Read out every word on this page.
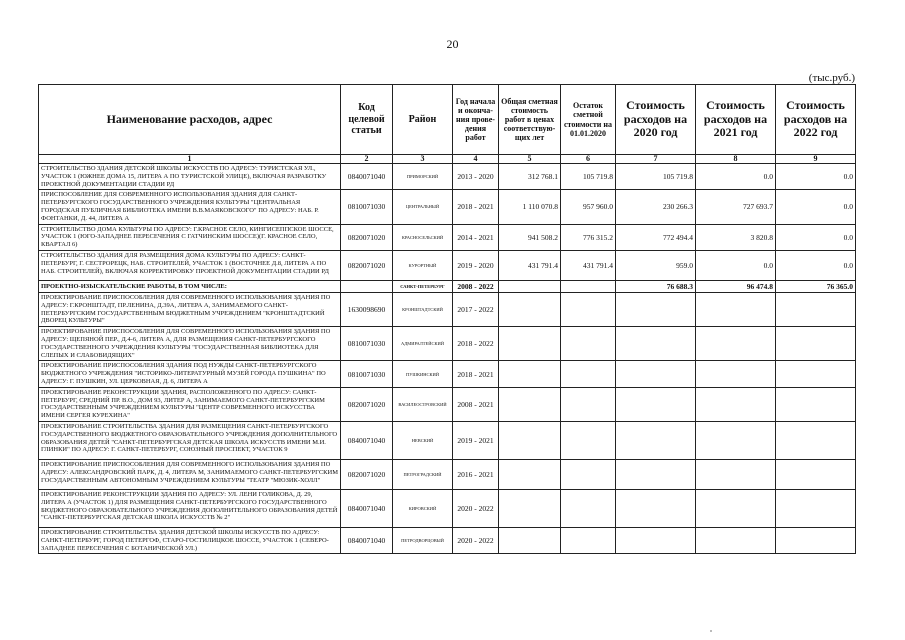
20
(тыс.руб.)
Наименование расходов, адрес	Код целевой статьи	Район	Год начала и оконча-ния прове-дения работ	Общая сметная стоимость работ в ценах соответствую-щих лет	Остаток сметной стоимости на 01.01.2020	Стоимость расходов на 2020 год	Стоимость расходов на 2021 год	Стоимость расходов на 2022 год
1	2	3	4	5	6	7	8	9
СТРОИТЕЛЬСТВО ЗДАНИЯ ДЕТСКОЙ ШКОЛЫ ИСКУССТВ ПО АДРЕСУ: ТУРИСТСКАЯ УЛ., УЧАСТОК 1 (ЮЖНЕЕ ДОМА 15, ЛИТЕРА А ПО ТУРИСТСКОЙ УЛИЦЕ), ВКЛЮЧАЯ РАЗРАБОТКУ ПРОЕКТНОЙ ДОКУМЕНТАЦИИ СТАДИИ РД	0840071040	ПРИМОРСКИЙ	2013 - 2020	312 768.1	105 719.8	105 719.8	0.0	0.0
ПРИСПОСОБЛЕНИЕ ДЛЯ СОВРЕМЕННОГО ИСПОЛЬЗОВАНИЯ ЗДАНИЯ ДЛЯ САНКТ-ПЕТЕРБУРГСКОГО ГОСУДАРСТВЕННОГО УЧРЕЖДЕНИЯ КУЛЬТУРЫ "ЦЕНТРАЛЬНАЯ ГОРОДСКАЯ ПУБЛИЧНАЯ БИБЛИОТЕКА ИМЕНИ В.В.МАЯКОВСКОГО" ПО АДРЕСУ: НАБ. Р. ФОНТАНКИ, Д. 44, ЛИТЕРА А	0810071030	ЦЕНТРАЛЬНЫЙ	2018 - 2021	1 110 070.8	957 960.0	230 266.3	727 693.7	0.0
СТРОИТЕЛЬСТВО ДОМА КУЛЬТУРЫ ПО АДРЕСУ: Г.КРАСНОЕ СЕЛО, КИНГИСЕППСКОЕ ШОССЕ, УЧАСТОК 1 (ЮГО-ЗАПАДНЕЕ ПЕРЕСЕЧЕНИЯ С ГАТЧИНСКИМ ШОССЕ)(Г. КРАСНОЕ СЕЛО, КВАРТАЛ 6)	0820071020	КРАСНОСЕЛЬСКИЙ	2014 - 2021	941 508.2	776 315.2	772 494.4	3 820.8	0.0
СТРОИТЕЛЬСТВО ЗДАНИЯ ДЛЯ РАЗМЕЩЕНИЯ ДОМА КУЛЬТУРЫ ПО АДРЕСУ: САНКТ-ПЕТЕРБУРГ, Г. СЕСТРОРЕЦК, НАБ. СТРОИТЕЛЕЙ, УЧАСТОК 1 (ВОСТОЧНЕЕ Д.8, ЛИТЕРА А ПО НАБ. СТРОИТЕЛЕЙ), ВКЛЮЧАЯ КОРРЕКТИРОВКУ ПРОЕКТНОЙ ДОКУМЕНТАЦИИ СТАДИИ РД	0820071020	КУРОРТНЫЙ	2019 - 2020	431 791.4	431 791.4	959.0	0.0	0.0
ПРОЕКТНО-ИЗЫСКАТЕЛЬСКИЕ РАБОТЫ, В ТОМ ЧИСЛЕ:		САНКТ-ПЕТЕРБУРГ	2008 - 2022			76 688.3	96 474.8	76 365.0
ПРОЕКТИРОВАНИЕ ПРИСПОСОБЛЕНИЯ ДЛЯ СОВРЕМЕННОГО ИСПОЛЬЗОВАНИЯ ЗДАНИЯ ПО АДРЕСУ: Г.КРОНШТАДТ, ПР.ЛЕНИНА, Д.39А, ЛИТЕРА А, ЗАНИМАЕМОГО САНКТ-ПЕТЕРБУРГСКИМ ГОСУДАРСТВЕННЫМ БЮДЖЕТНЫМ УЧРЕЖДЕНИЕМ "КРОНШТАДТСКИЙ ДВОРЕЦ КУЛЬТУРЫ"	1630098690	КРОНШТАДТСКИЙ	2017 - 2022					
ПРОЕКТИРОВАНИЕ ПРИСПОСОБЛЕНИЯ ДЛЯ СОВРЕМЕННОГО ИСПОЛЬЗОВАНИЯ ЗДАНИЯ ПО АДРЕСУ: ЩЕПЯНОЙ ПЕР., Д.4-6, ЛИТЕРА А, ДЛЯ РАЗМЕЩЕНИЯ САНКТ-ПЕТЕРБУРГСКОГО ГОСУДАРСТВЕННОГО УЧРЕЖДЕНИЯ КУЛЬТУРЫ "ГОСУДАРСТВЕННАЯ БИБЛИОТЕКА ДЛЯ СЛЕПЫХ И СЛАБОВИДЯЩИХ"	0810071030	АДМИРАЛТЕЙСКИЙ	2018 - 2022					
ПРОЕКТИРОВАНИЕ ПРИСПОСОБЛЕНИЯ ЗДАНИЯ ПОД НУЖДЫ САНКТ-ПЕТЕРБУРГСКОГО БЮДЖЕТНОГО УЧРЕЖДЕНИЯ "ИСТОРИКО-ЛИТЕРАТУРНЫЙ МУЗЕЙ ГОРОДА ПУШКИНА" ПО АДРЕСУ: Г. ПУШКИН, УЛ. ЦЕРКОВНАЯ, Д. 6, ЛИТЕРА А	0810071030	ПУШКИНСКИЙ	2018 - 2021					
ПРОЕКТИРОВАНИЕ РЕКОНСТРУКЦИИ ЗДАНИЯ, РАСПОЛОЖЕННОГО ПО АДРЕСУ: САНКТ-ПЕТЕРБУРГ, СРЕДНИЙ ПР. В.О., ДОМ 93, ЛИТЕР А, ЗАНИМАЕМОГО САНКТ-ПЕТЕРБУРГСКИМ ГОСУДАРСТВЕННЫМ УЧРЕЖДЕНИЕМ КУЛЬТУРЫ "ЦЕНТР СОВРЕМЕННОГО ИСКУССТВА ИМЕНИ СЕРГЕЯ КУРЕХИНА"	0820071020	ВАСИЛЕОСТРОВСКИЙ	2008 - 2021					
ПРОЕКТИРОВАНИЕ СТРОИТЕЛЬСТВА ЗДАНИЯ ДЛЯ РАЗМЕЩЕНИЯ САНКТ-ПЕТЕРБУРГСКОГО ГОСУДАРСТВЕННОГО БЮДЖЕТНОГО ОБРАЗОВАТЕЛЬНОГО УЧРЕЖДЕНИЯ ДОПОЛНИТЕЛЬНОГО ОБРАЗОВАНИЯ ДЕТЕЙ "САНКТ-ПЕТЕРБУРГСКАЯ ДЕТСКАЯ ШКОЛА ИСКУССТВ ИМЕНИ М.И. ГЛИНКИ" ПО АДРЕСУ: Г. САНКТ-ПЕТЕРБУРГ, СОЮЗНЫЙ ПРОСПЕКТ, УЧАСТОК 9	0840071040	НЕВСКИЙ	2019 - 2021					
ПРОЕКТИРОВАНИЕ ПРИСПОСОБЛЕНИЯ ДЛЯ СОВРЕМЕННОГО ИСПОЛЬЗОВАНИЯ ЗДАНИЯ ПО АДРЕСУ: АЛЕКСАНДРОВСКИЙ ПАРК, Д. 4, ЛИТЕРА М, ЗАНИМАЕМОГО САНКТ-ПЕТЕРБУРГСКИМ ГОСУДАРСТВЕННЫМ АВТОНОМНЫМ УЧРЕЖДЕНИЕМ КУЛЬТУРЫ "ТЕАТР "МЮЗИК-ХОЛЛ"	0820071020	ПЕТРОГРАДСКИЙ	2016 - 2021					
ПРОЕКТИРОВАНИЕ РЕКОНСТРУКЦИИ ЗДАНИЯ ПО АДРЕСУ: УЛ. ЛЕНИ ГОЛИКОВА, Д. 29, ЛИТЕРА А (УЧАСТОК 1) ДЛЯ РАЗМЕЩЕНИЯ САНКТ-ПЕТЕРБУРГСКОГО ГОСУДАРСТВЕННОГО БЮДЖЕТНОГО ОБРАЗОВАТЕЛЬНОГО УЧРЕЖДЕНИЯ ДОПОЛНИТЕЛЬНОГО ОБРАЗОВАНИЯ ДЕТЕЙ "САНКТ-ПЕТЕРБУРГСКАЯ ДЕТСКАЯ ШКОЛА ИСКУССТВ № 2"	0840071040	КИРОВСКИЙ	2020 - 2022					
ПРОЕКТИРОВАНИЕ СТРОИТЕЛЬСТВА ЗДАНИЯ ДЕТСКОЙ ШКОЛЫ ИСКУССТВ ПО АДРЕСУ: САНКТ-ПЕТЕРБУРГ, ГОРОД ПЕТЕРГОФ, СТАРО-ГОСТИЛИЦКОЕ ШОССЕ, УЧАСТОК 1 (СЕВЕРО-ЗАПАДНЕЕ ПЕРЕСЕЧЕНИЯ С БОТАНИЧЕСКОЙ УЛ.)	0840071040	ПЕТРОДВОРЦОВЫЙ	2020 - 2022					
